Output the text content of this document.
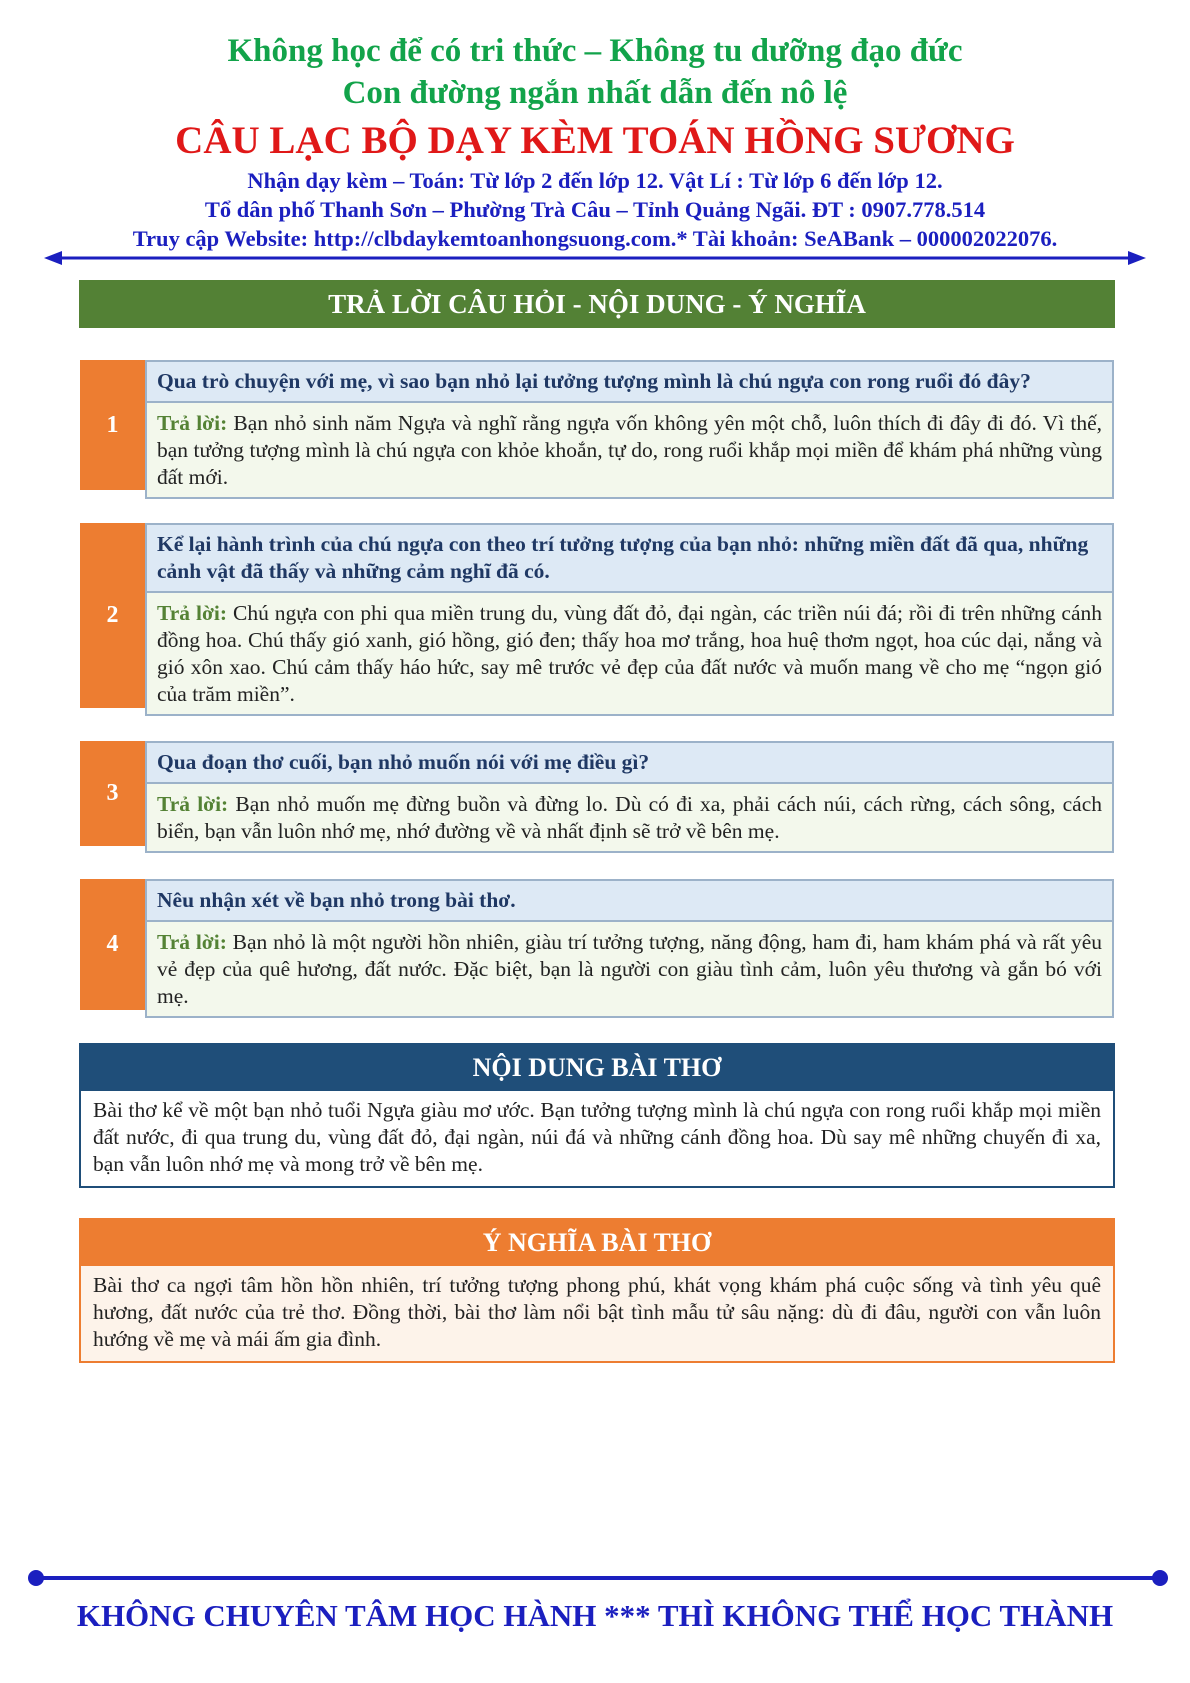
Không học để có tri thức – Không tu dưỡng đạo đức
Con đường ngắn nhất dẫn đến nô lệ
CÂU LẠC BỘ DẠY KÈM TOÁN HỒNG SƯƠNG
Nhận dạy kèm – Toán: Từ lớp 2 đến lớp 12. Vật Lí : Từ lớp 6 đến lớp 12.
Tổ dân phố Thanh Sơn – Phường Trà Câu – Tỉnh Quảng Ngãi. ĐT : 0907.778.514
Truy cập Website: http://clbdaykemtoanhongsuong.com.* Tài khoản: SeABank – 000002022076.
TRẢ LỜI CÂU HỎI - NỘI DUNG - Ý NGHĨA
1
Qua trò chuyện với mẹ, vì sao bạn nhỏ lại tưởng tượng mình là chú ngựa con rong ruổi đó đây?
Trả lời: Bạn nhỏ sinh năm Ngựa và nghĩ rằng ngựa vốn không yên một chỗ, luôn thích đi đây đi đó. Vì thế, bạn tưởng tượng mình là chú ngựa con khỏe khoắn, tự do, rong ruổi khắp mọi miền để khám phá những vùng đất mới.
2
Kể lại hành trình của chú ngựa con theo trí tưởng tượng của bạn nhỏ: những miền đất đã qua, những cảnh vật đã thấy và những cảm nghĩ đã có.
Trả lời: Chú ngựa con phi qua miền trung du, vùng đất đỏ, đại ngàn, các triền núi đá; rồi đi trên những cánh đồng hoa. Chú thấy gió xanh, gió hồng, gió đen; thấy hoa mơ trắng, hoa huệ thơm ngọt, hoa cúc dại, nắng và gió xôn xao. Chú cảm thấy háo hức, say mê trước vẻ đẹp của đất nước và muốn mang về cho mẹ “ngọn gió của trăm miền”.
3
Qua đoạn thơ cuối, bạn nhỏ muốn nói với mẹ điều gì?
Trả lời: Bạn nhỏ muốn mẹ đừng buồn và đừng lo. Dù có đi xa, phải cách núi, cách rừng, cách sông, cách biển, bạn vẫn luôn nhớ mẹ, nhớ đường về và nhất định sẽ trở về bên mẹ.
4
Nêu nhận xét về bạn nhỏ trong bài thơ.
Trả lời: Bạn nhỏ là một người hồn nhiên, giàu trí tưởng tượng, năng động, ham đi, ham khám phá và rất yêu vẻ đẹp của quê hương, đất nước. Đặc biệt, bạn là người con giàu tình cảm, luôn yêu thương và gắn bó với mẹ.
NỘI DUNG BÀI THƠ
Bài thơ kể về một bạn nhỏ tuổi Ngựa giàu mơ ước. Bạn tưởng tượng mình là chú ngựa con rong ruổi khắp mọi miền đất nước, đi qua trung du, vùng đất đỏ, đại ngàn, núi đá và những cánh đồng hoa. Dù say mê những chuyến đi xa, bạn vẫn luôn nhớ mẹ và mong trở về bên mẹ.
Ý NGHĨA BÀI THƠ
Bài thơ ca ngợi tâm hồn hồn nhiên, trí tưởng tượng phong phú, khát vọng khám phá cuộc sống và tình yêu quê hương, đất nước của trẻ thơ. Đồng thời, bài thơ làm nổi bật tình mẫu tử sâu nặng: dù đi đâu, người con vẫn luôn hướng về mẹ và mái ấm gia đình.
KHÔNG CHUYÊN TÂM HỌC HÀNH *** THÌ KHÔNG THỂ HỌC THÀNH
